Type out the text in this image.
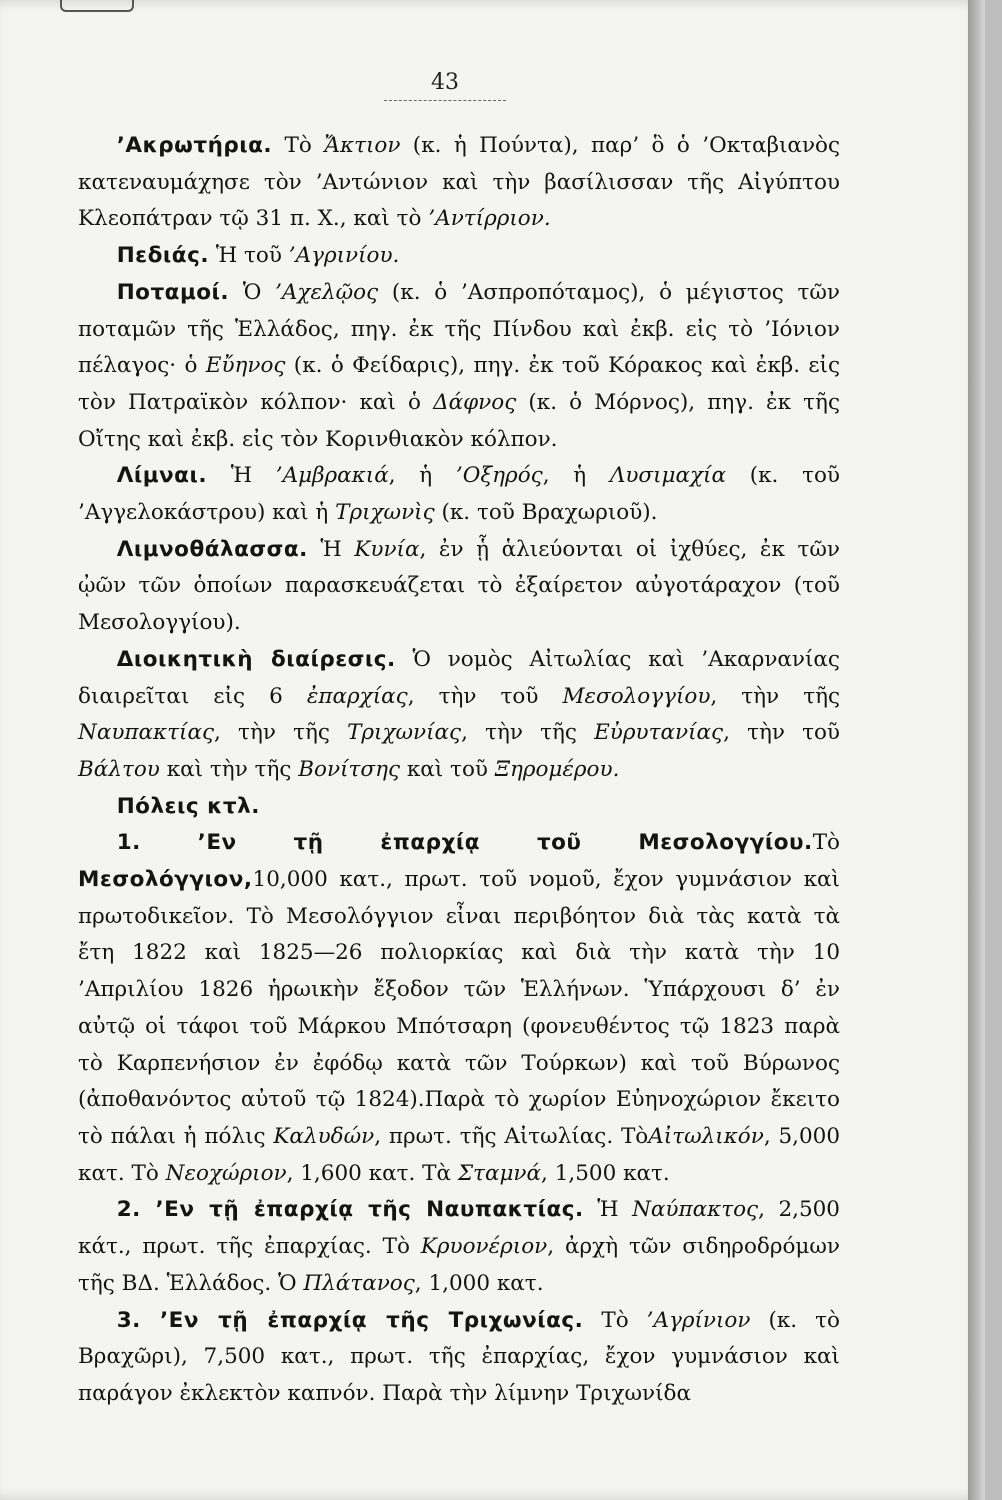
43

’Ακρωτήρια. Τὸ Ἄκτιον (κ. ἡ Πούντα), παρ’ ὃ ὁ ’Οκταβιανὸς κατεναυμάχησε τὸν ’Αντώνιον καὶ τὴν βασίλισσαν τῆς Αἰγύπτου Κλεοπάτραν τῷ 31 π. Χ., καὶ τὸ ’Αντίρριον.

Πεδιάς. Ἡ τοῦ ’Αγρινίου.

Ποταμοί. Ὁ ’Αχελῷος (κ. ὁ ’Ασπροπόταμος), ὁ μέγιστος τῶν ποταμῶν τῆς Ἑλλάδος, πηγ. ἐκ τῆς Πίνδου καὶ ἐκβ. εἰς τὸ ’Ιόνιον πέλαγος· ὁ Εὔηνος (κ. ὁ Φείδαρις), πηγ. ἐκ τοῦ Κόρακος καὶ ἐκβ. εἰς τὸν Πατραϊκὸν κόλπον· καὶ ὁ Δάφνος (κ. ὁ Μόρνος), πηγ. ἐκ τῆς Οἴτης καὶ ἐκβ. εἰς τὸν Κορινθιακὸν κόλπον.

Λίμναι. Ἡ ’Αμβρακιά, ἡ ’Οξηρός, ἡ Λυσιμαχία (κ. τοῦ ’Αγγελοκάστρου) καὶ ἡ Τριχωνὶς (κ. τοῦ Βραχωριοῦ).

Λιμνοθάλασσα. Ἡ Κυνία, ἐν ᾗ ἁλιεύονται οἱ ἰχθύες, ἐκ τῶν ᾠῶν τῶν ὁποίων παρασκευάζεται τὸ ἐξαίρετον αὐγοτάραχον (τοῦ Μεσολογγίου).

Διοικητικὴ διαίρεσις. Ὁ νομὸς Αἰτωλίας καὶ ’Ακαρνανίας διαιρεῖται εἰς 6 ἐπαρχίας, τὴν τοῦ Μεσολογγίου, τὴν τῆς Ναυπακτίας, τὴν τῆς Τριχωνίας, τὴν τῆς Εὐρυτανίας, τὴν τοῦ Βάλτου καὶ τὴν τῆς Βονίτσης καὶ τοῦ Ξηρομέρου.

Πόλεις κτλ.

1. ’Εν τῇ ἐπαρχίᾳ τοῦ Μεσολογγίου.Τὸ Μεσολόγγιον,10,000 κατ., πρωτ. τοῦ νομοῦ, ἔχον γυμνάσιον καὶ πρωτοδικεῖον. Τὸ Μεσολόγγιον εἶναι περιβόητον διὰ τὰς κατὰ τὰ ἔτη 1822 καὶ 1825—26 πολιορκίας καὶ διὰ τὴν κατὰ τὴν 10 ’Απριλίου 1826 ἡρωικὴν ἔξοδον τῶν Ἑλλήνων. Ὑπάρχουσι δ’ ἐν αὐτῷ οἱ τάφοι τοῦ Μάρκου Μπότσαρη (φονευθέντος τῷ 1823 παρὰ τὸ Καρπενήσιον ἐν ἐφόδῳ κατὰ τῶν Τούρκων) καὶ τοῦ Βύρωνος (ἀποθανόντος αὐτοῦ τῷ 1824).Παρὰ τὸ χωρίον Εὐηνοχώριον ἔκειτο τὸ πάλαι ἡ πόλις Καλυδών, πρωτ. τῆς Αἰτωλίας. ΤὸΑἰτωλικόν, 5,000 κατ. Τὸ Νεοχώριον, 1,600 κατ. Τὰ Σταμνά, 1,500 κατ.

2. ’Εν τῇ ἐπαρχίᾳ τῆς Ναυπακτίας. Ἡ Ναύπακτος, 2,500 κάτ., πρωτ. τῆς ἐπαρχίας. Τὸ Κρυονέριον, ἀρχὴ τῶν σιδηροδρόμων τῆς ΒΔ. Ἑλλάδος. Ὁ Πλάτανος, 1,000 κατ.

3. ’Εν τῇ ἐπαρχίᾳ τῆς Τριχωνίας. Τὸ ’Αγρίνιον (κ. τὸ Βραχῶρι), 7,500 κατ., πρωτ. τῆς ἐπαρχίας, ἔχον γυμνάσιον καὶ παράγον ἐκλεκτὸν καπνόν. Παρὰ τὴν λίμνην Τριχωνίδα
